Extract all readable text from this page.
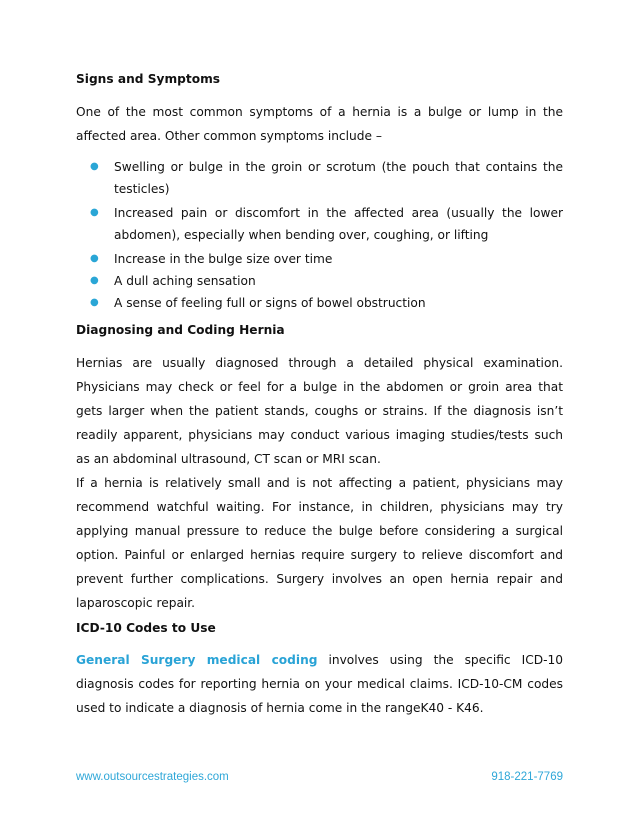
Signs and Symptoms

One of the most common symptoms of a hernia is a bulge or lump in the affected area. Other common symptoms include –

● Swelling or bulge in the groin or scrotum (the pouch that contains the testicles)
● Increased pain or discomfort in the affected area (usually the lower abdomen), especially when bending over, coughing, or lifting
● Increase in the bulge size over time
● A dull aching sensation
● A sense of feeling full or signs of bowel obstruction
Diagnosing and Coding Hernia

Hernias are usually diagnosed through a detailed physical examination. Physicians may check or feel for a bulge in the abdomen or groin area that gets larger when the patient stands, coughs or strains. If the diagnosis isn’t readily apparent, physicians may conduct various imaging studies/tests such as an abdominal ultrasound, CT scan or MRI scan.

If a hernia is relatively small and is not affecting a patient, physicians may recommend watchful waiting. For instance, in children, physicians may try applying manual pressure to reduce the bulge before considering a surgical option. Painful or enlarged hernias require surgery to relieve discomfort and prevent further complications. Surgery involves an open hernia repair and laparoscopic repair.

ICD-10 Codes to Use

General Surgery medical coding involves using the specific ICD-10 diagnosis codes for reporting hernia on your medical claims. ICD-10-CM codes used to indicate a diagnosis of hernia come in the rangeK40 - K46.

www.outsourcestrategies.com	918-221-7769
